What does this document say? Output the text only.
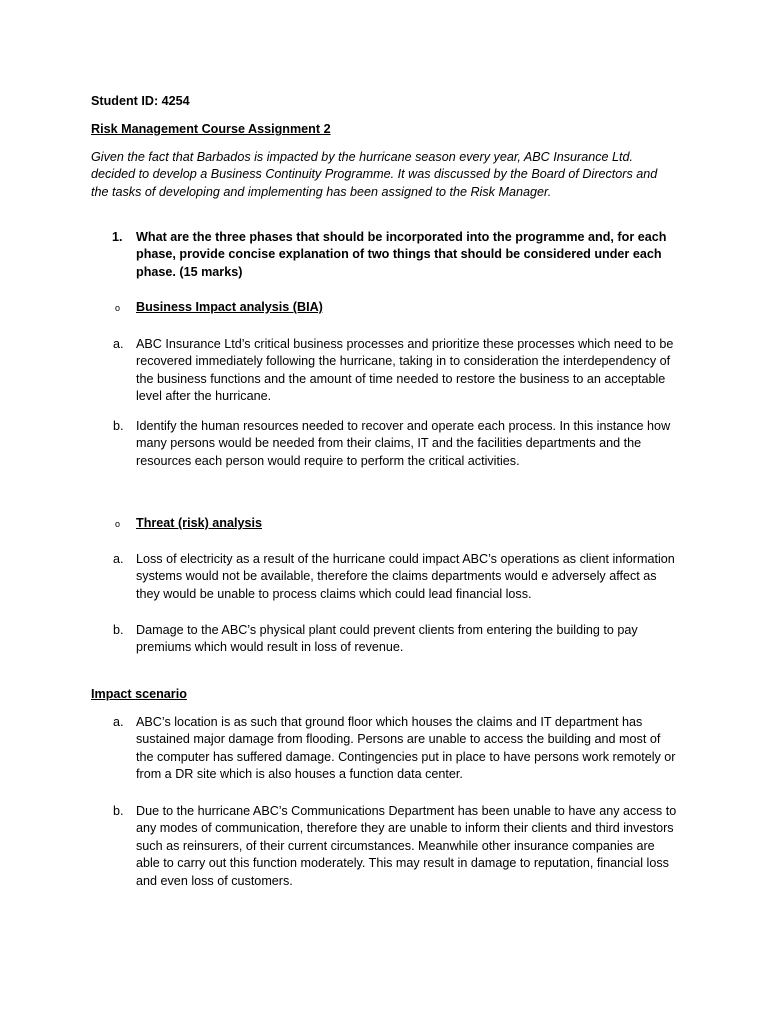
Student ID: 4254
Risk Management Course Assignment 2
Given the fact that Barbados is impacted by the hurricane season every year, ABC Insurance Ltd. decided to develop a Business Continuity Programme. It was discussed by the Board of Directors and the tasks of developing and implementing has been assigned to the Risk Manager.
1. What are the three phases that should be incorporated into the programme and, for each phase, provide concise explanation of two things that should be considered under each phase. (15 marks)
o Business Impact analysis (BIA)
a. ABC Insurance Ltd’s critical business processes and prioritize these processes which need to be recovered immediately following the hurricane, taking in to consideration the interdependency of the business functions and the amount of time needed to restore the business to an acceptable level after the hurricane.
b. Identify the human resources needed to recover and operate each process. In this instance how many persons would be needed from their claims, IT and the facilities departments and the resources each person would require to perform the critical activities.
o Threat (risk) analysis
a. Loss of electricity as a result of the hurricane could impact ABC’s operations as client information systems would not be available, therefore the claims departments would e adversely affect as they would be unable to process claims which could lead financial loss.
b. Damage to the ABC’s physical plant could prevent clients from entering the building to pay premiums which would result in loss of revenue.
Impact scenario
a. ABC’s location is as such that ground floor which houses the claims and IT department has sustained major damage from flooding. Persons are unable to access the building and most of the computer has suffered damage. Contingencies put in place to have persons work remotely or from a DR site which is also houses a function data center.
b. Due to the hurricane ABC’s Communications Department has been unable to have any access to any modes of communication, therefore they are unable to inform their clients and third investors such as reinsurers, of their current circumstances. Meanwhile other insurance companies are able to carry out this function moderately. This may result in damage to reputation, financial loss and even loss of customers.
